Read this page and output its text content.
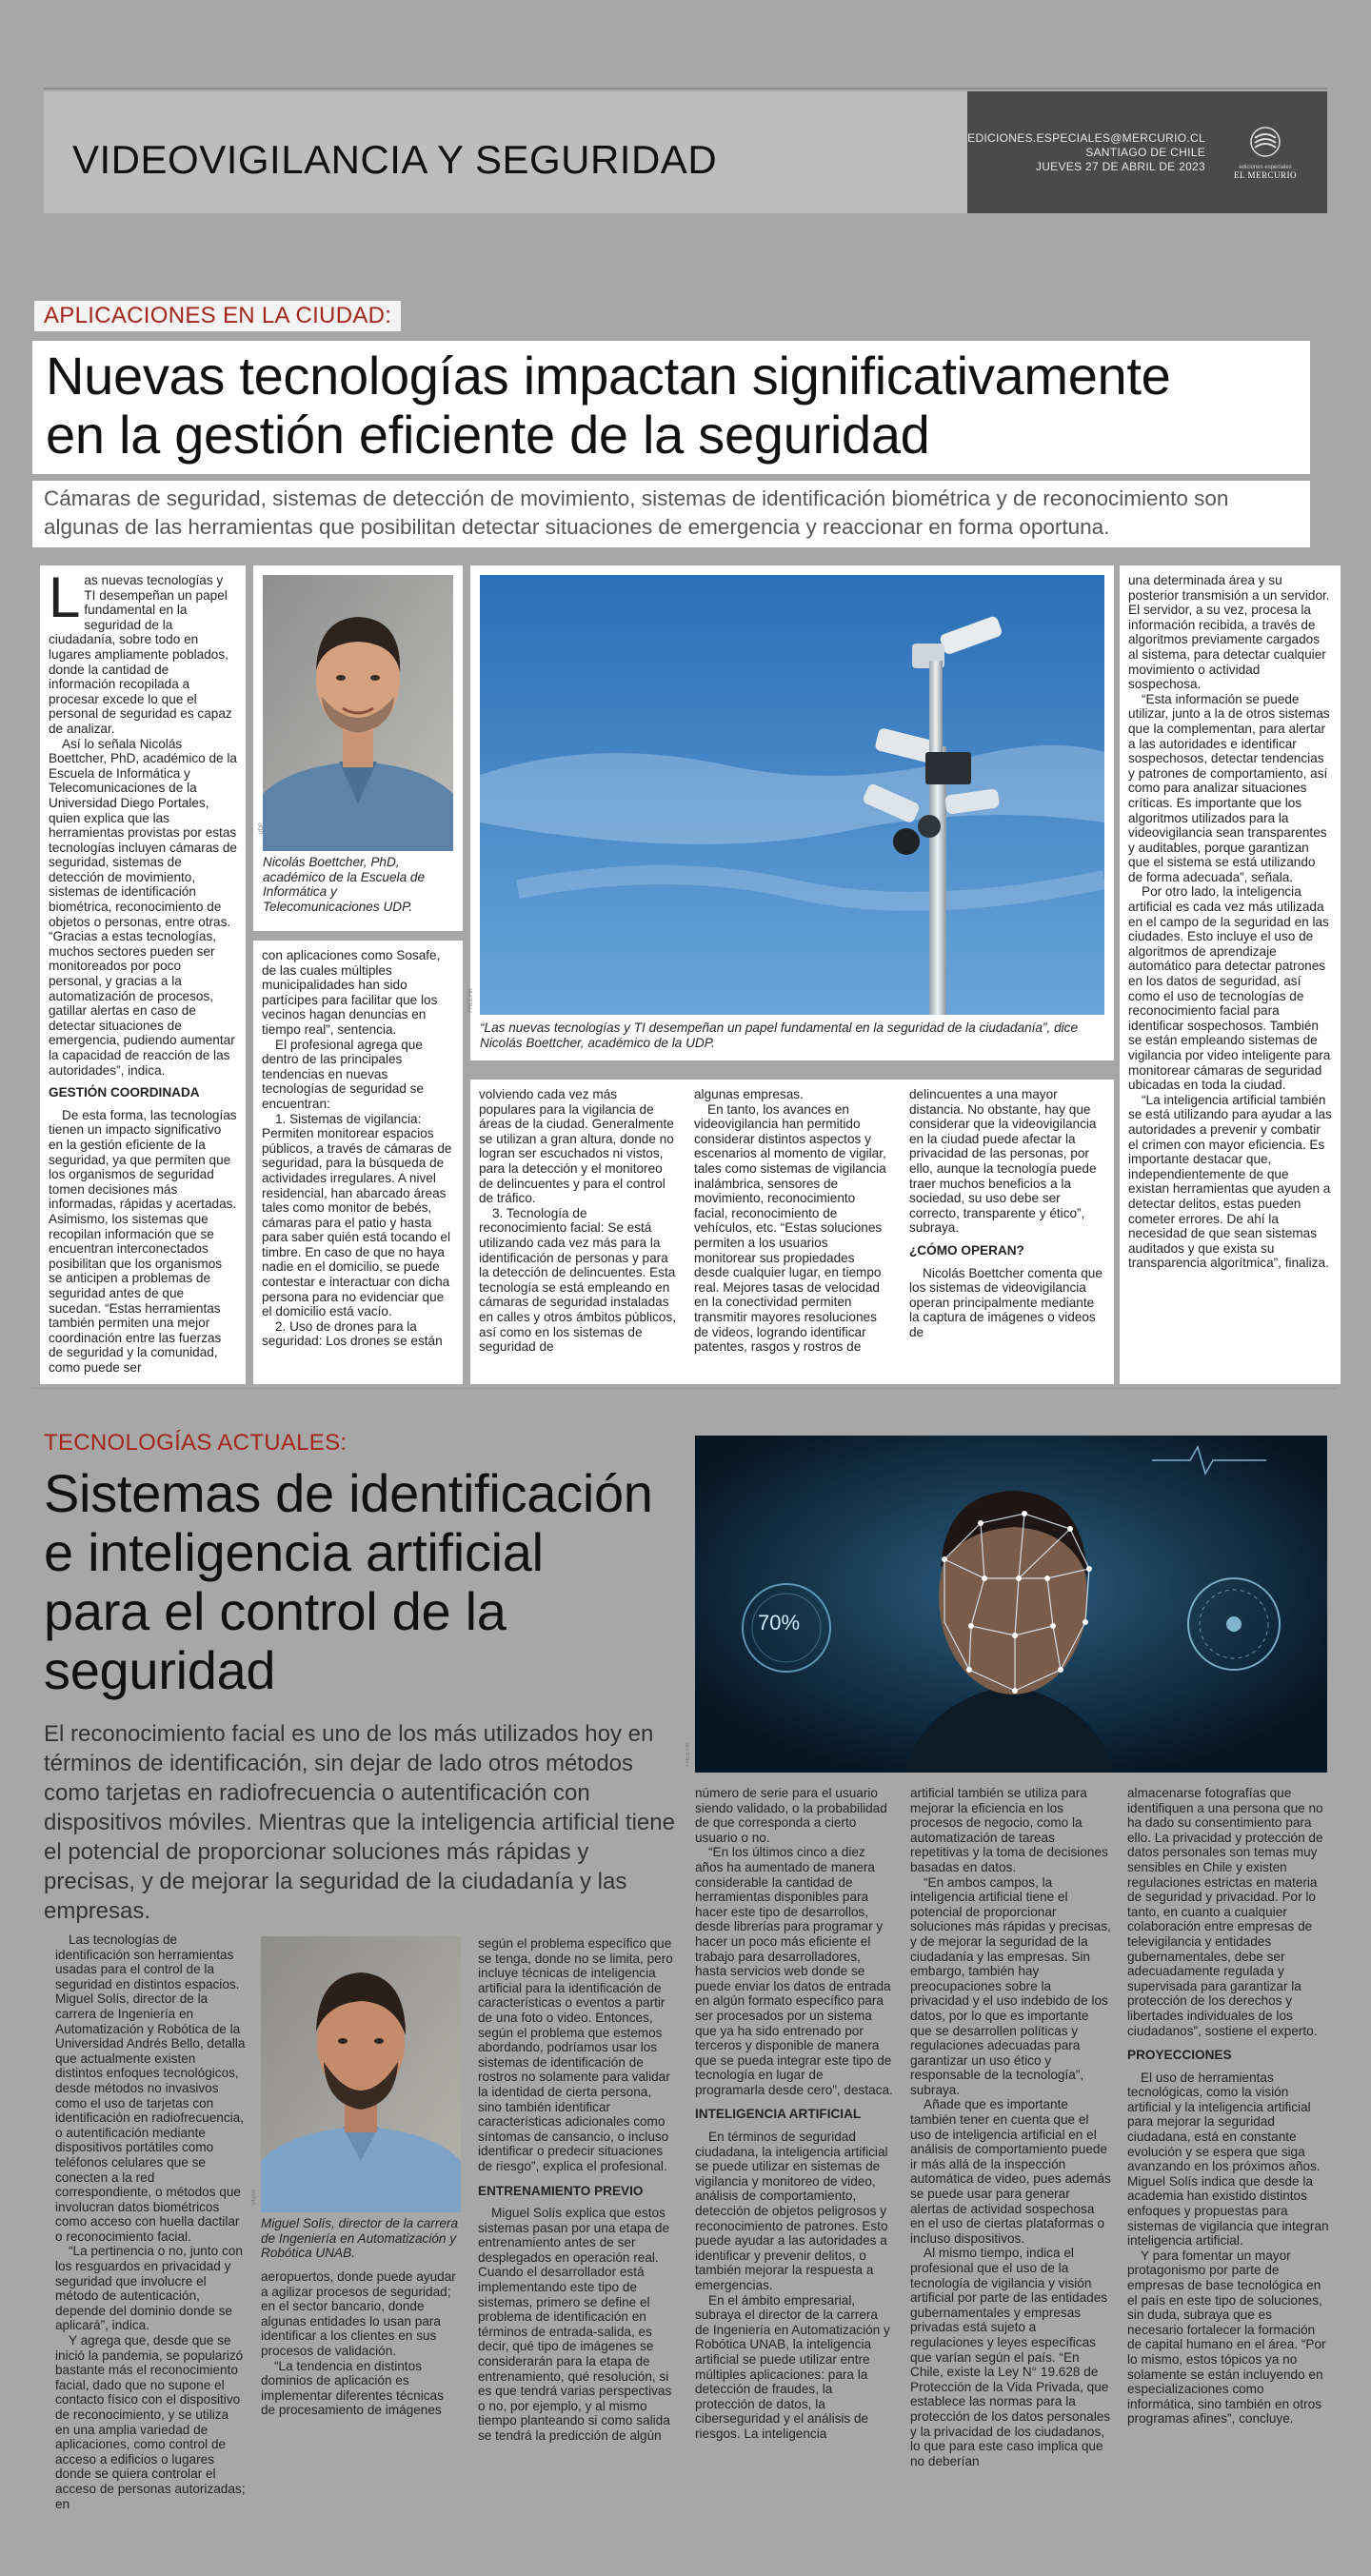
VIDEOVIGILANCIA Y SEGURIDAD	EDICIONES.ESPECIALES@MERCURIO.CL
SANTIAGO DE CHILE
JUEVES 27 DE ABRIL DE 2023	ediciones especiales
EL MERCURIO
APLICACIONES EN LA CIUDAD:
Nuevas tecnologías impactan significativamente
en la gestión eficiente de la seguridad

Cámaras de seguridad, sistemas de detección de movimiento, sistemas de identificación biométrica y de reconocimiento son algunas de las herramientas que posibilitan detectar situaciones de emergencia y reaccionar en forma oportuna.

Las nuevas tecnologías y TI desempeñan un papel fundamental en la seguridad de la ciudadanía, sobre todo en lugares ampliamente poblados, donde la cantidad de información recopilada a procesar excede lo que el personal de seguridad es capaz de analizar.

Así lo señala Nicolás Boettcher, PhD, académico de la Escuela de Informática y Telecomunicaciones de la Universidad Diego Portales, quien explica que las herramientas provistas por estas tecnologías incluyen cámaras de seguridad, sistemas de detección de movimiento, sistemas de identificación biométrica, reconocimiento de objetos o personas, entre otras. “Gracias a estas tecnologías, muchos sectores pueden ser monitoreados por poco personal, y gracias a la automatización de procesos, gatillar alertas en caso de detectar situaciones de emergencia, pudiendo aumentar la capacidad de reacción de las autoridades”, indica.

GESTIÓN COORDINADA

De esta forma, las tecnologías tienen un impacto significativo en la gestión eficiente de la seguridad, ya que permiten que los organismos de seguridad tomen decisiones más informadas, rápidas y acertadas. Asimismo, los sistemas que recopilan información que se encuentran interconectados posibilitan que los organismos se anticipen a problemas de seguridad antes de que sucedan. “Estas herramientas también permiten una mejor coordinación entre las fuerzas de seguridad y la comunidad, como puede ser

UDP
Nicolás Boettcher, PhD, académico de la Escuela de Informática y Telecomunicaciones UDP.

con aplicaciones como Sosafe, de las cuales múltiples municipalidades han sido partícipes para facilitar que los vecinos hagan denuncias en tiempo real”, sentencia.

El profesional agrega que dentro de las principales tendencias en nuevas tecnologías de seguridad se encuentran:

1. Sistemas de vigilancia: Permiten monitorear espacios públicos, a través de cámaras de seguridad, para la búsqueda de actividades irregulares. A nivel residencial, han abarcado áreas tales como monitor de bebés, cámaras para el patio y hasta para saber quién está tocando el timbre. En caso de que no haya nadie en el domicilio, se puede contestar e interactuar con dicha persona para no evidenciar que el domicilio está vacío.

2. Uso de drones para la seguridad: Los drones se están

FREEPIK
“Las nuevas tecnologías y TI desempeñan un papel fundamental en la seguridad de la ciudadanía”, dice Nicolás Boettcher, académico de la UDP.

volviendo cada vez más populares para la vigilancia de áreas de la ciudad. Generalmente se utilizan a gran altura, donde no logran ser escuchados ni vistos, para la detección y el monitoreo de delincuentes y para el control de tráfico.

3. Tecnología de reconocimiento facial: Se está utilizando cada vez más para la identificación de personas y para la detección de delincuentes. Esta tecnología se está empleando en cámaras de seguridad instaladas en calles y otros ámbitos públicos, así como en los sistemas de seguridad de

algunas empresas.

En tanto, los avances en videovigilancia han permitido considerar distintos aspectos y escenarios al momento de vigilar, tales como sistemas de vigilancia inalámbrica, sensores de movimiento, reconocimiento facial, reconocimiento de vehículos, etc. “Estas soluciones permiten a los usuarios monitorear sus propiedades desde cualquier lugar, en tiempo real. Mejores tasas de velocidad en la conectividad permiten transmitir mayores resoluciones de videos, logrando identificar patentes, rasgos y rostros de

delincuentes a una mayor distancia. No obstante, hay que considerar que la videovigilancia en la ciudad puede afectar la privacidad de las personas, por ello, aunque la tecnología puede traer muchos beneficios a la sociedad, su uso debe ser correcto, transparente y ético”, subraya.

¿CÓMO OPERAN?

Nicolás Boettcher comenta que los sistemas de videovigilancia operan principalmente mediante la captura de imágenes o videos de

una determinada área y su posterior transmisión a un servidor. El servidor, a su vez, procesa la información recibida, a través de algoritmos previamente cargados al sistema, para detectar cualquier movimiento o actividad sospechosa.

“Esta información se puede utilizar, junto a la de otros sistemas que la complementan, para alertar a las autoridades e identificar sospechosos, detectar tendencias y patrones de comportamiento, así como para analizar situaciones críticas. Es importante que los algoritmos utilizados para la videovigilancia sean transparentes y auditables, porque garantizan que el sistema se está utilizando de forma adecuada”, señala.

Por otro lado, la inteligencia artificial es cada vez más utilizada en el campo de la seguridad en las ciudades. Esto incluye el uso de algoritmos de aprendizaje automático para detectar patrones en los datos de seguridad, así como el uso de tecnologías de reconocimiento facial para identificar sospechosos. También se están empleando sistemas de vigilancia por video inteligente para monitorear cámaras de seguridad ubicadas en toda la ciudad.

“La inteligencia artificial también se está utilizando para ayudar a las autoridades a prevenir y combatir el crimen con mayor eficiencia. Es importante destacar que, independientemente de que existan herramientas que ayuden a detectar delitos, estas pueden cometer errores. De ahí la necesidad de que sean sistemas auditados y que exista su transparencia algorítmica”, finaliza.

TECNOLOGÍAS ACTUALES:
Sistemas de identificación
e inteligencia artificial
para el control de la
seguridad

El reconocimiento facial es uno de los más utilizados hoy en términos de identificación, sin dejar de lado otros métodos como tarjetas en radiofrecuencia o autentificación con dispositivos móviles. Mientras que la inteligencia artificial tiene el potencial de proporcionar soluciones más rápidas y precisas, y de mejorar la seguridad de la ciudadanía y las empresas.

70%
FREEPIK

Las tecnologías de identificación son herramientas usadas para el control de la seguridad en distintos espacios. Miguel Solís, director de la carrera de Ingeniería en Automatización y Robótica de la Universidad Andrés Bello, detalla que actualmente existen distintos enfoques tecnológicos, desde métodos no invasivos como el uso de tarjetas con identificación en radiofrecuencia, o autentificación mediante dispositivos portátiles como teléfonos celulares que se conecten a la red correspondiente, o métodos que involucran datos biométricos como acceso con huella dactilar o reconocimiento facial.

“La pertinencia o no, junto con los resguardos en privacidad y seguridad que involucre el método de autenticación, depende del dominio donde se aplicará”, indica.

Y agrega que, desde que se inició la pandemia, se popularizó bastante más el reconocimiento facial, dado que no supone el contacto físico con el dispositivo de reconocimiento, y se utiliza en una amplia variedad de aplicaciones, como control de acceso a edificios o lugares donde se quiera controlar el acceso de personas autorizadas; en

UNAB
Miguel Solís, director de la carrera de Ingeniería en Automatización y Robótica UNAB.

aeropuertos, donde puede ayudar a agilizar procesos de seguridad; en el sector bancario, donde algunas entidades lo usan para identificar a los clientes en sus procesos de validación.

“La tendencia en distintos dominios de aplicación es implementar diferentes técnicas de procesamiento de imágenes

según el problema específico que se tenga, donde no se limita, pero incluye técnicas de inteligencia artificial para la identificación de características o eventos a partir de una foto o video. Entonces, según el problema que estemos abordando, podríamos usar los sistemas de identificación de rostros no solamente para validar la identidad de cierta persona, sino también identificar características adicionales como síntomas de cansancio, o incluso identificar o predecir situaciones de riesgo”, explica el profesional.

ENTRENAMIENTO PREVIO

Miguel Solís explica que estos sistemas pasan por una etapa de entrenamiento antes de ser desplegados en operación real. Cuando el desarrollador está implementando este tipo de sistemas, primero se define el problema de identificación en términos de entrada-salida, es decir, qué tipo de imágenes se considerarán para la etapa de entrenamiento, qué resolución, si es que tendrá varias perspectivas o no, por ejemplo, y al mismo tiempo planteando si como salida se tendrá la predicción de algún

número de serie para el usuario siendo validado, o la probabilidad de que corresponda a cierto usuario o no.

“En los últimos cinco a diez años ha aumentado de manera considerable la cantidad de herramientas disponibles para hacer este tipo de desarrollos, desde librerías para programar y hacer un poco más eficiente el trabajo para desarrolladores, hasta servicios web donde se puede enviar los datos de entrada en algún formato específico para ser procesados por un sistema que ya ha sido entrenado por terceros y disponible de manera que se pueda integrar este tipo de tecnología en lugar de programarla desde cero”, destaca.

INTELIGENCIA ARTIFICIAL

En términos de seguridad ciudadana, la inteligencia artificial se puede utilizar en sistemas de vigilancia y monitoreo de video, análisis de comportamiento, detección de objetos peligrosos y reconocimiento de patrones. Esto puede ayudar a las autoridades a identificar y prevenir delitos, o también mejorar la respuesta a emergencias.

En el ámbito empresarial, subraya el director de la carrera de Ingeniería en Automatización y Robótica UNAB, la inteligencia artificial se puede utilizar entre múltiples aplicaciones: para la detección de fraudes, la protección de datos, la ciberseguridad y el análisis de riesgos. La inteligencia

artificial también se utiliza para mejorar la eficiencia en los procesos de negocio, como la automatización de tareas repetitivas y la toma de decisiones basadas en datos.

“En ambos campos, la inteligencia artificial tiene el potencial de proporcionar soluciones más rápidas y precisas, y de mejorar la seguridad de la ciudadanía y las empresas. Sin embargo, también hay preocupaciones sobre la privacidad y el uso indebido de los datos, por lo que es importante que se desarrollen políticas y regulaciones adecuadas para garantizar un uso ético y responsable de la tecnología”, subraya.

Añade que es importante también tener en cuenta que el uso de inteligencia artificial en el análisis de comportamiento puede ir más allá de la inspección automática de video, pues además se puede usar para generar alertas de actividad sospechosa en el uso de ciertas plataformas o incluso dispositivos.

Al mismo tiempo, indica el profesional que el uso de la tecnología de vigilancia y visión artificial por parte de las entidades gubernamentales y empresas privadas está sujeto a regulaciones y leyes específicas que varían según el país. “En Chile, existe la Ley N° 19.628 de Protección de la Vida Privada, que establece las normas para la protección de los datos personales y la privacidad de los ciudadanos, lo que para este caso implica que no deberían

almacenarse fotografías que identifiquen a una persona que no ha dado su consentimiento para ello. La privacidad y protección de datos personales son temas muy sensibles en Chile y existen regulaciones estrictas en materia de seguridad y privacidad. Por lo tanto, en cuanto a cualquier colaboración entre empresas de televigilancia y entidades gubernamentales, debe ser adecuadamente regulada y supervisada para garantizar la protección de los derechos y libertades individuales de los ciudadanos”, sostiene el experto.

PROYECCIONES

El uso de herramientas tecnológicas, como la visión artificial y la inteligencia artificial para mejorar la seguridad ciudadana, está en constante evolución y se espera que siga avanzando en los próximos años. Miguel Solís indica que desde la academia han existido distintos enfoques y propuestas para sistemas de vigilancia que integran inteligencia artificial.

Y para fomentar un mayor protagonismo por parte de empresas de base tecnológica en el país en este tipo de soluciones, sin duda, subraya que es necesario fortalecer la formación de capital humano en el área. “Por lo mismo, estos tópicos ya no solamente se están incluyendo en especializaciones como informática, sino también en otros programas afines”, concluye.
